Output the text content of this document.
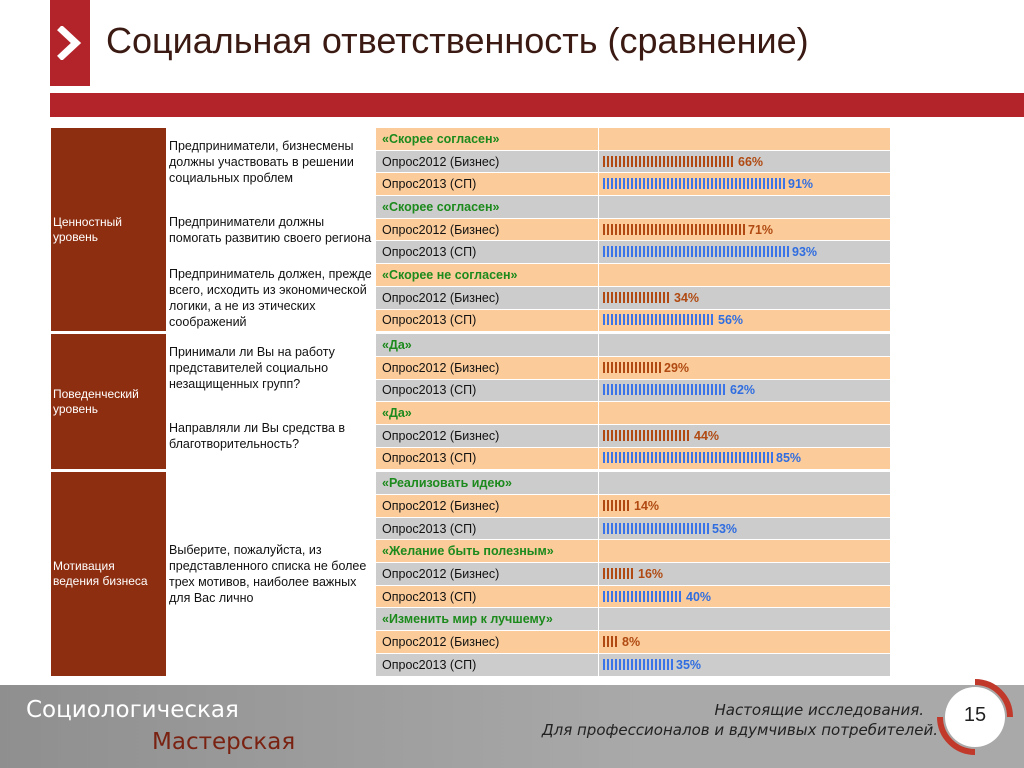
Социальная ответственность (сравнение)
Ценностный уровень	Предприниматели, бизнесмены должны участвовать в решении социальных проблем	«Скорее согласен»	
		Опрос2012 (Бизнес)	66%
		Опрос2013 (СП)	91%
	Предприниматели должны помогать развитию своего региона	«Скорее согласен»	
		Опрос2012 (Бизнес)	71%
		Опрос2013 (СП)	93%
	Предприниматель должен, прежде всего, исходить из экономической логики, а не из этических соображений	«Скорее не согласен»	
		Опрос2012 (Бизнес)	34%
		Опрос2013 (СП)	56%

Поведенческий уровень	Принимали ли Вы на работу представителей социально незащищенных групп?	«Да»	
		Опрос2012 (Бизнес)	29%
		Опрос2013 (СП)	62%
	Направляли ли Вы средства в благотворительность?	«Да»	
		Опрос2012 (Бизнес)	44%
		Опрос2013 (СП)	85%

Мотивация ведения бизнеса	Выберите, пожалуйста, из представленного списка не более трех мотивов, наиболее важных для Вас лично	«Реализовать идею»	
		Опрос2012 (Бизнес)	14%
		Опрос2013 (СП)	53%
		«Желание быть полезным»	
		Опрос2012 (Бизнес)	16%
		Опрос2013 (СП)	40%
		«Изменить мир к лучшему»	
		Опрос2012 (Бизнес)	8%
		Опрос2013 (СП)	35%
Социологическая
Мастерская
Настоящие исследования.
Для профессионалов и вдумчивых потребителей.
15
